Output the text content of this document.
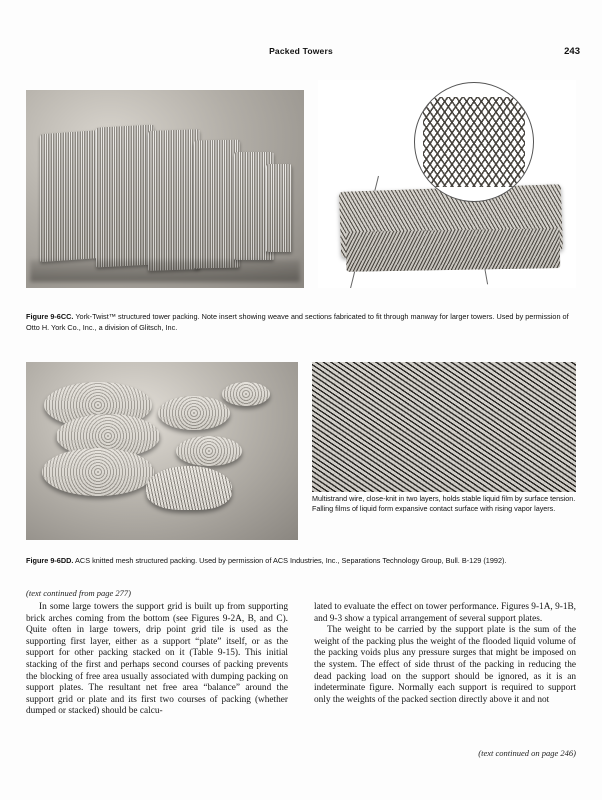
Packed Towers	243
Figure 9-6CC. York-Twist™ structured tower packing. Note insert showing weave and sections fabricated to fit through manway for larger towers. Used by permission of Otto H. York Co., Inc., a division of Glitsch, Inc.
Multistrand wire, close-knit in two layers, holds stable liquid film by surface tension. Falling films of liquid form expansive contact surface with rising vapor layers.
Figure 9-6DD. ACS knitted mesh structured packing. Used by permission of ACS Industries, Inc., Separations Technology Group, Bull. B-129 (1992).
(text continued from page 277)

In some large towers the support grid is built up from supporting brick arches coming from the bottom (see Figures 9-2A, B, and C). Quite often in large towers, drip point grid tile is used as the supporting first layer, either as a support “plate” itself, or as the support for other packing stacked on it (Table 9-15). This initial stacking of the first and perhaps second courses of packing prevents the blocking of free area usually associated with dumping packing on support plates. The resultant net free area “balance” around the support grid or plate and its first two courses of packing (whether dumped or stacked) should be calcu-

lated to evaluate the effect on tower performance. Figures 9-1A, 9-1B, and 9-3 show a typical arrangement of several support plates.

The weight to be carried by the support plate is the sum of the weight of the packing plus the weight of the flooded liquid volume of the packing voids plus any pressure surges that might be imposed on the system. The effect of side thrust of the packing in reducing the dead packing load on the support should be ignored, as it is an indeterminate figure. Normally each support is required to support only the weights of the packed section directly above it and not

(text continued on page 246)
